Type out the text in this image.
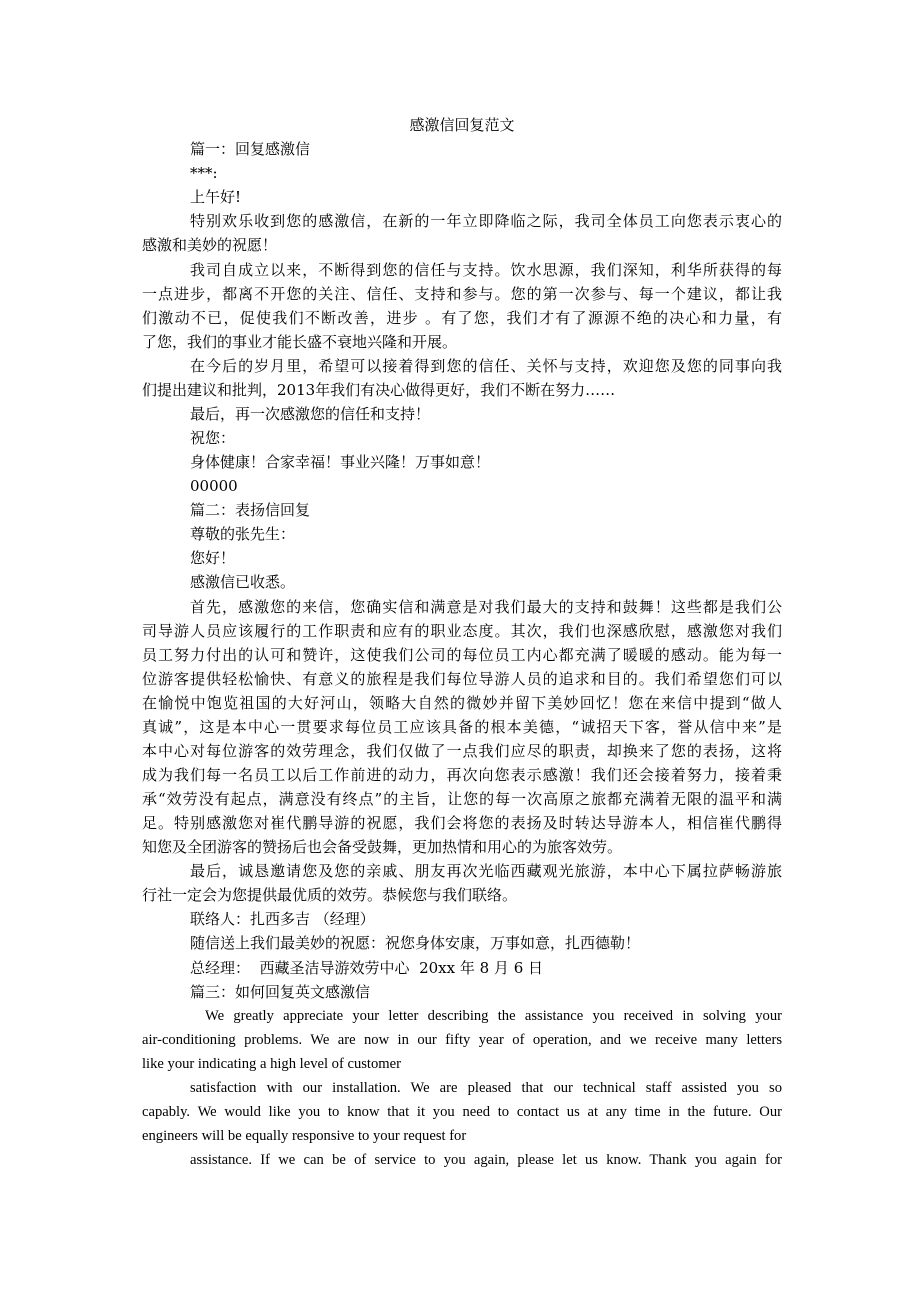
感激信回复范文
篇一：回复感激信
***:
上午好!
特别欢乐收到您的感激信，在新的一年立即降临之际，我司全体员工向您表示衷心的
感激和美妙的祝愿！
我司自成立以来，不断得到您的信任与支持。饮水思源，我们深知，利华所获得的每
一点进步，都离不开您的关注、信任、支持和参与。您的第一次参与、每一个建议，都让我
们激动不已，促使我们不断改善，进步 。有了您，我们才有了源源不绝的决心和力量，有
了您，我们的事业才能长盛不衰地兴隆和开展。
在今后的岁月里，希望可以接着得到您的信任、关怀与支持，欢迎您及您的同事向我
们提出建议和批判，2013年我们有决心做得更好，我们不断在努力……
最后，再一次感激您的信任和支持！
祝您：
身体健康！合家幸福！事业兴隆！万事如意！
00000
篇二：表扬信回复
尊敬的张先生：
您好！
感激信已收悉。
首先，感激您的来信，您确实信和满意是对我们最大的支持和鼓舞！这些都是我们公
司导游人员应该履行的工作职责和应有的职业态度。其次，我们也深感欣慰，感激您对我们
员工努力付出的认可和赞许，这使我们公司的每位员工内心都充满了暖暖的感动。能为每一
位游客提供轻松愉快、有意义的旅程是我们每位导游人员的追求和目的。我们希望您们可以
在愉悦中饱览祖国的大好河山，领略大自然的微妙并留下美妙回忆！您在来信中提到“做人
真诚”，这是本中心一贯要求每位员工应该具备的根本美德，“诚招天下客，誉从信中来”是
本中心对每位游客的效劳理念，我们仅做了一点我们应尽的职责，却换来了您的表扬，这将
成为我们每一名员工以后工作前进的动力，再次向您表示感激！我们还会接着努力，接着秉
承“效劳没有起点，满意没有终点”的主旨，让您的每一次高原之旅都充满着无限的温平和满
足。特别感激您对崔代鹏导游的祝愿，我们会将您的表扬及时转达导游本人，相信崔代鹏得
知您及全团游客的赞扬后也会备受鼓舞，更加热情和用心的为旅客效劳。
最后，诚恳邀请您及您的亲戚、朋友再次光临西藏观光旅游，本中心下属拉萨畅游旅
行社一定会为您提供最优质的效劳。恭候您与我们联络。
联络人：扎西多吉 （经理）
随信送上我们最美妙的祝愿：祝您身体安康，万事如意，扎西德勒！
总经理：  西藏圣洁导游效劳中心  20xx 年 8 月 6 日
篇三：如何回复英文感激信
We greatly appreciate your letter describing the assistance you received in solving your
air-conditioning problems. We are now in our fifty year of operation, and we receive many letters
like your indicating a high level of customer
satisfaction with our installation. We are pleased that our technical staff assisted you so
capably. We would like you to know that it you need to contact us at any time in the future. Our
engineers will be equally responsive to your request for
assistance. If we can be of service to you again, please let us know. Thank you again for
